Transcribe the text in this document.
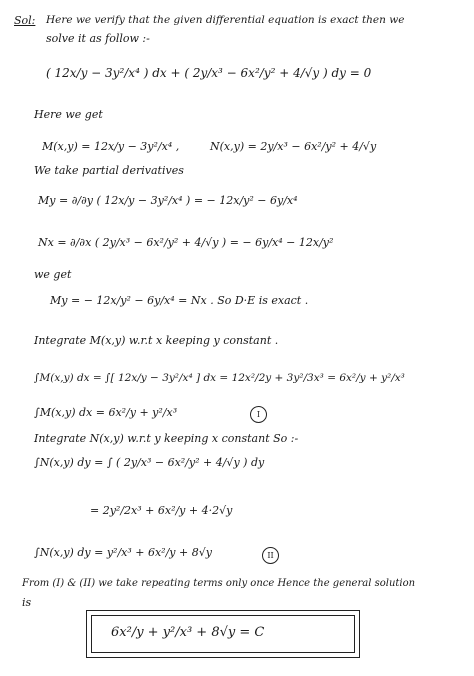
Sol: Here we verify that the given differential equation is exact then we
solve it as follow :-
( 12x/y − 3y²/x⁴ ) dx + ( 2y/x³ − 6x²/y² + 4/√y ) dy = 0
Here we get
M(x,y) = 12x/y − 3y²/x⁴ ,	N(x,y) = 2y/x³ − 6x²/y² + 4/√y
We take partial derivatives
My = ∂/∂y ( 12x/y − 3y²/x⁴ ) = − 12x/y² − 6y/x⁴
Nx = ∂/∂x ( 2y/x³ − 6x²/y² + 4/√y ) = − 6y/x⁴ − 12x/y²
we get
My = − 12x/y² − 6y/x⁴ = Nx . So D·E is exact .
Integrate M(x,y) w.r.t x keeping y constant .
∫M(x,y) dx = ∫[ 12x/y − 3y²/x⁴ ] dx = 12x²/2y + 3y²/3x³ = 6x²/y + y²/x³
∫M(x,y) dx = 6x²/y + y²/x³	I
Integrate N(x,y) w.r.t y keeping x constant So :-
∫N(x,y) dy = ∫ ( 2y/x³ − 6x²/y² + 4/√y ) dy
= 2y²/2x³ + 6x²/y + 4·2√y
∫N(x,y) dy = y²/x³ + 6x²/y + 8√y	II
From (I) & (II) we take repeating terms only once Hence the general solution
is
6x²/y + y²/x³ + 8√y = C
